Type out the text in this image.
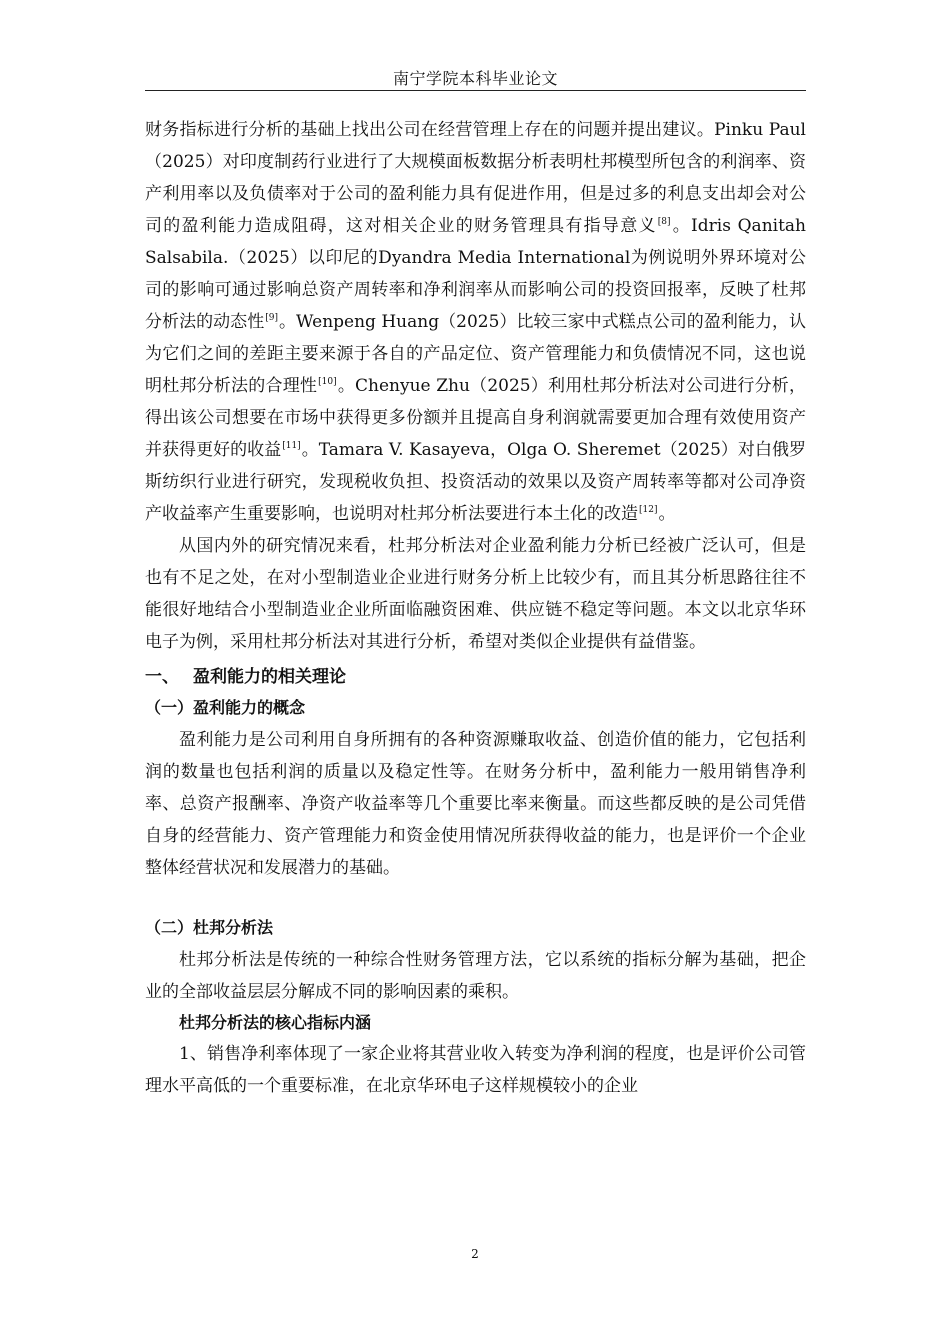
南宁学院本科毕业论文

财务指标进行分析的基础上找出公司在经营管理上存在的问题并提出建议。Pinku Paul（2025）对印度制药行业进行了大规模面板数据分析表明杜邦模型所包含的利润率、资产利用率以及负债率对于公司的盈利能力具有促进作用，但是过多的利息支出却会对公司的盈利能力造成阻碍，这对相关企业的财务管理具有指导意义[8]。Idris Qanitah Salsabila.（2025）以印尼的Dyandra Media International为例说明外界环境对公司的影响可通过影响总资产周转率和净利润率从而影响公司的投资回报率，反映了杜邦分析法的动态性[9]。Wenpeng Huang（2025）比较三家中式糕点公司的盈利能力，认为它们之间的差距主要来源于各自的产品定位、资产管理能力和负债情况不同，这也说明杜邦分析法的合理性[10]。Chenyue Zhu（2025）利用杜邦分析法对公司进行分析，得出该公司想要在市场中获得更多份额并且提高自身利润就需要更加合理有效使用资产并获得更好的收益[11]。Tamara V. Kasayeva，Olga O. Sheremet（2025）对白俄罗斯纺织行业进行研究，发现税收负担、投资活动的效果以及资产周转率等都对公司净资产收益率产生重要影响，也说明对杜邦分析法要进行本土化的改造[12]。

从国内外的研究情况来看，杜邦分析法对企业盈利能力分析已经被广泛认可，但是也有不足之处，在对小型制造业企业进行财务分析上比较少有，而且其分析思路往往不能很好地结合小型制造业企业所面临融资困难、供应链不稳定等问题。本文以北京华环电子为例，采用杜邦分析法对其进行分析，希望对类似企业提供有益借鉴。

一、 盈利能力的相关理论
（一）盈利能力的概念

盈利能力是公司利用自身所拥有的各种资源赚取收益、创造价值的能力，它包括利润的数量也包括利润的质量以及稳定性等。在财务分析中，盈利能力一般用销售净利率、总资产报酬率、净资产收益率等几个重要比率来衡量。而这些都反映的是公司凭借自身的经营能力、资产管理能力和资金使用情况所获得收益的能力，也是评价一个企业整体经营状况和发展潜力的基础。

（二）杜邦分析法

杜邦分析法是传统的一种综合性财务管理方法，它以系统的指标分解为基础，把企业的全部收益层层分解成不同的影响因素的乘积。

杜邦分析法的核心指标内涵

1、销售净利率体现了一家企业将其营业收入转变为净利润的程度，也是评价公司管理水平高低的一个重要标准，在北京华环电子这样规模较小的企业

2
